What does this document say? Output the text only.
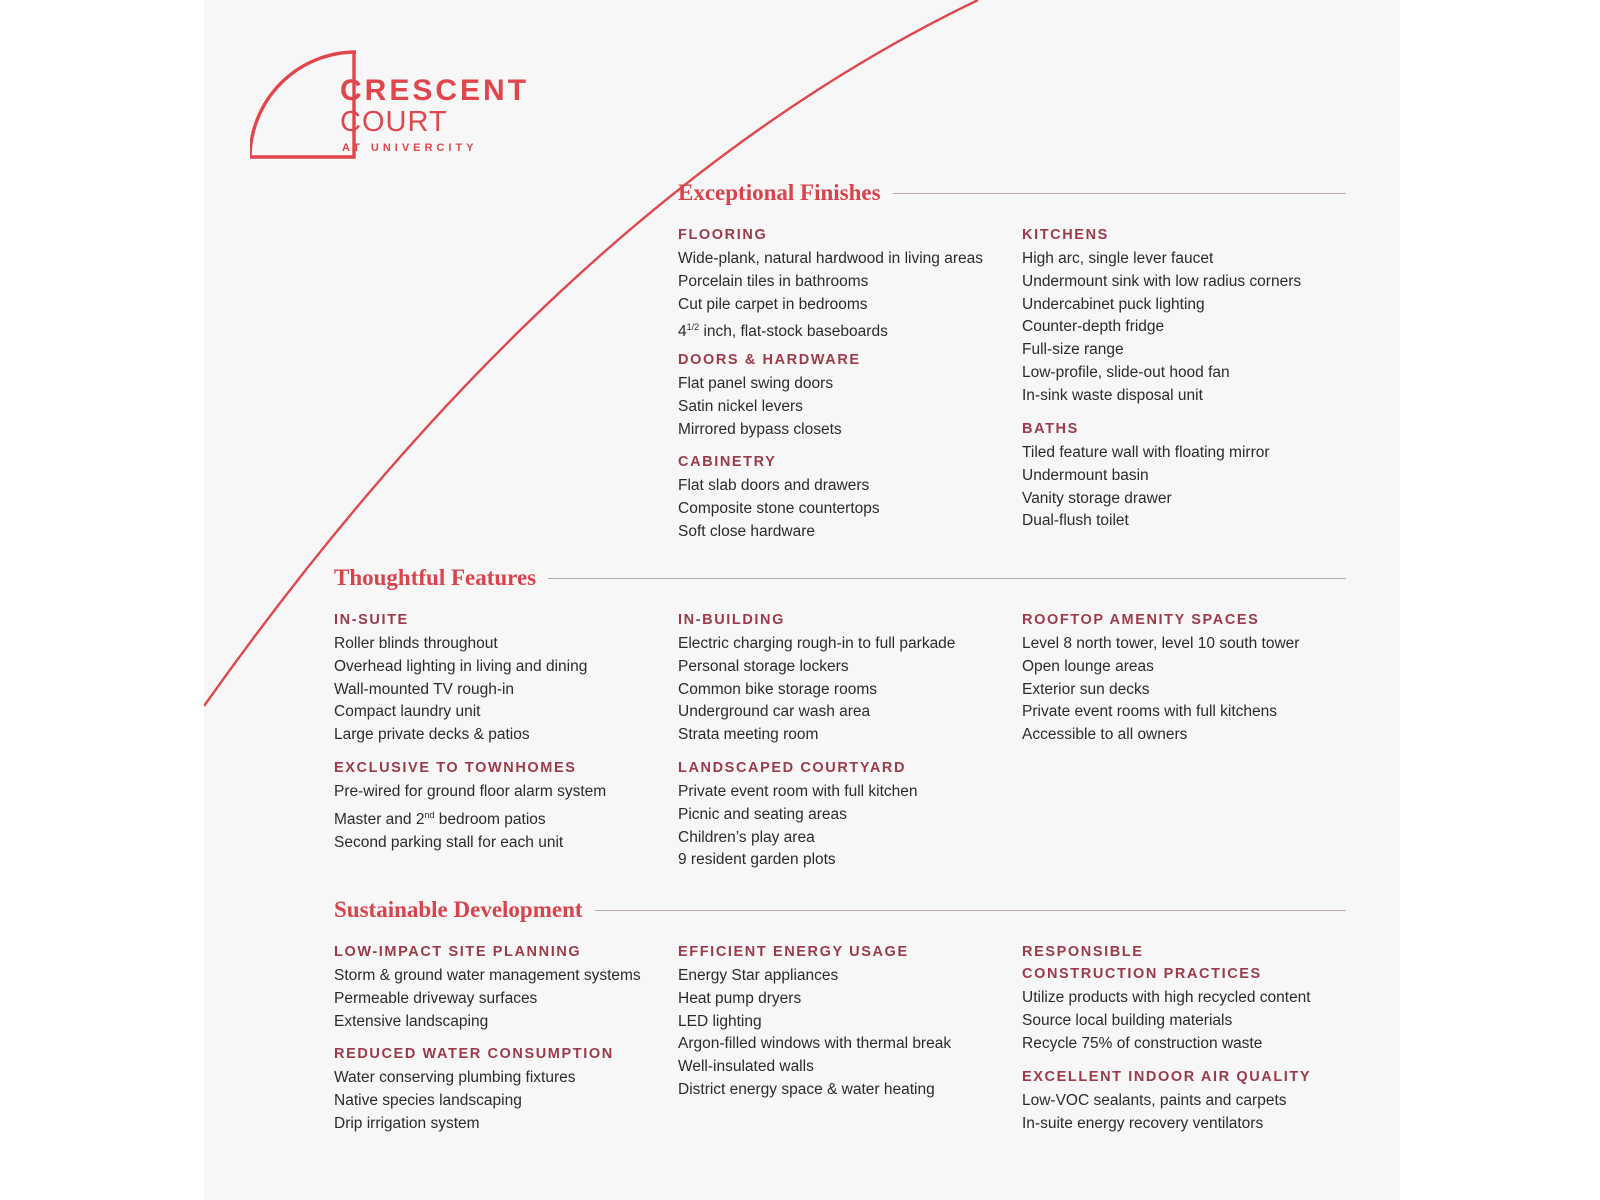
CRESCENT
COURT
AT UNIVERCITY
Exceptional Finishes
FLOORING
Wide-plank, natural hardwood in living areas
Porcelain tiles in bathrooms
Cut pile carpet in bedrooms
$4^{1/2}$ inch, flat-stock baseboards
DOORS & HARDWARE
Flat panel swing doors
Satin nickel levers
Mirrored bypass closets
CABINETRY
Flat slab doors and drawers
Composite stone countertops
Soft close hardware
KITCHENS
High arc, single lever faucet
Undermount sink with low radius corners
Undercabinet puck lighting
Counter-depth fridge
Full-size range
Low-profile, slide-out hood fan
In-sink waste disposal unit
BATHS
Tiled feature wall with floating mirror
Undermount basin
Vanity storage drawer
Dual-flush toilet
Thoughtful Features
IN-SUITE
Roller blinds throughout
Overhead lighting in living and dining
Wall-mounted TV rough-in
Compact laundry unit
Large private decks & patios
EXCLUSIVE TO TOWNHOMES
Pre-wired for ground floor alarm system
Master and 2nd bedroom patios
Second parking stall for each unit
IN-BUILDING
Electric charging rough-in to full parkade
Personal storage lockers
Common bike storage rooms
Underground car wash area
Strata meeting room
LANDSCAPED COURTYARD
Private event room with full kitchen
Picnic and seating areas
Children’s play area
9 resident garden plots
ROOFTOP AMENITY SPACES
Level 8 north tower, level 10 south tower
Open lounge areas
Exterior sun decks
Private event rooms with full kitchens
Accessible to all owners
Sustainable Development
LOW-IMPACT SITE PLANNING
Storm & ground water management systems
Permeable driveway surfaces
Extensive landscaping
REDUCED WATER CONSUMPTION
Water conserving plumbing fixtures
Native species landscaping
Drip irrigation system
EFFICIENT ENERGY USAGE
Energy Star appliances
Heat pump dryers
LED lighting
Argon-filled windows with thermal break
Well-insulated walls
District energy space & water heating
RESPONSIBLE
CONSTRUCTION PRACTICES
Utilize products with high recycled content
Source local building materials
Recycle 75% of construction waste
EXCELLENT INDOOR AIR QUALITY
Low-VOC sealants, paints and carpets
In-suite energy recovery ventilators
